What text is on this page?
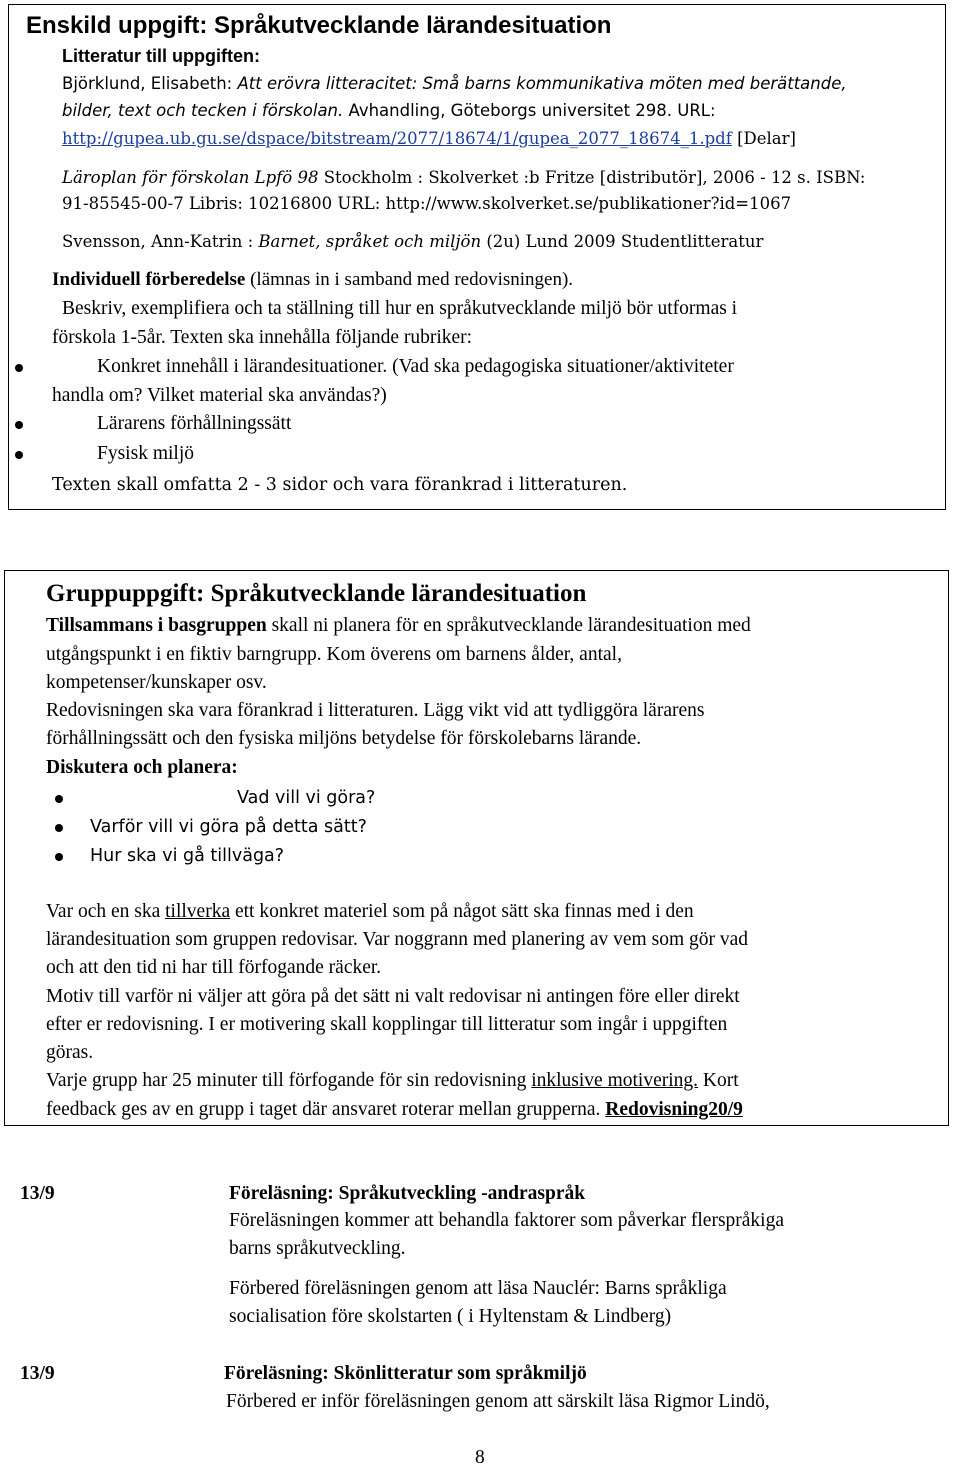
Enskild uppgift: Språkutvecklande lärandesituation
Litteratur till uppgiften:
Björklund, Elisabeth: Att erövra litteracitet: Små barns kommunikativa möten med berättande,
bilder, text och tecken i förskolan. Avhandling, Göteborgs universitet 298. URL:
http://gupea.ub.gu.se/dspace/bitstream/2077/18674/1/gupea_2077_18674_1.pdf [Delar]
Läroplan för förskolan Lpfö 98 Stockholm : Skolverket :b Fritze [distributör], 2006 - 12 s. ISBN:
91-85545-00-7 Libris: 10216800 URL: http://www.skolverket.se/publikationer?id=1067
Svensson, Ann-Katrin : Barnet, språket och miljön (2u) Lund 2009 Studentlitteratur
Individuell förberedelse (lämnas in i samband med redovisningen).
Beskriv, exemplifiera och ta ställning till hur en språkutvecklande miljö bör utformas i
förskola 1-5år. Texten ska innehålla följande rubriker:
Konkret innehåll i lärandesituationer. (Vad ska pedagogiska situationer/aktiviteter
handla om? Vilket material ska användas?)
Lärarens förhållningssätt
Fysisk miljö
Texten skall omfatta 2 - 3 sidor och vara förankrad i litteraturen.
Gruppuppgift: Språkutvecklande lärandesituation
Tillsammans i basgruppen skall ni planera för en språkutvecklande lärandesituation med
utgångspunkt i en fiktiv barngrupp. Kom överens om barnens ålder, antal,
kompetenser/kunskaper osv.
Redovisningen ska vara förankrad i litteraturen. Lägg vikt vid att tydliggöra lärarens
förhållningssätt och den fysiska miljöns betydelse för förskolebarns lärande.
Diskutera och planera:
Vad vill vi göra?
Varför vill vi göra på detta sätt?
Hur ska vi gå tillväga?
Var och en ska tillverka ett konkret materiel som på något sätt ska finnas med i den
lärandesituation som gruppen redovisar. Var noggrann med planering av vem som gör vad
och att den tid ni har till förfogande räcker.
Motiv till varför ni väljer att göra på det sätt ni valt redovisar ni antingen före eller direkt
efter er redovisning. I er motivering skall kopplingar till litteratur som ingår i uppgiften
göras.
Varje grupp har 25 minuter till förfogande för sin redovisning inklusive motivering. Kort
feedback ges av en grupp i taget där ansvaret roterar mellan grupperna. Redovisning20/9
13/9	Föreläsning: Språkutveckling -andraspråk
Föreläsningen kommer att behandla faktorer som påverkar flerspråkiga
barns språkutveckling.
Förbered föreläsningen genom att läsa Nauclér: Barns språkliga
socialisation före skolstarten ( i Hyltenstam & Lindberg)
13/9	Föreläsning: Skönlitteratur som språkmiljö
Förbered er inför föreläsningen genom att särskilt läsa Rigmor Lindö,
8
